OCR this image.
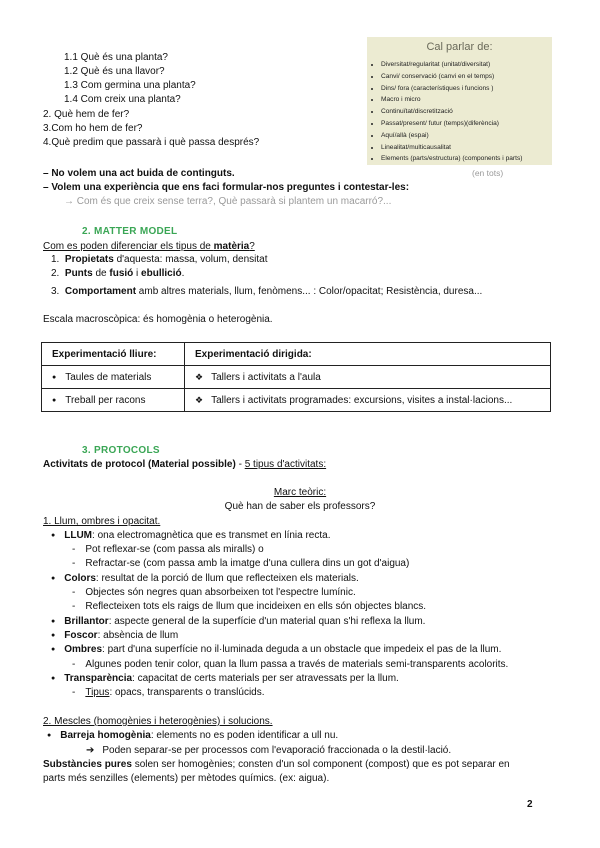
1.1 Què és una planta?
1.2 Què és una llavor?
1.3 Com germina una planta?
1.4 Com creix una planta?
2. Què hem de fer?
3.Com ho hem de fer?
4.Què predim que passarà i què passa després?
Cal parlar de:
• Diversitat/regularitat (unitat/diversitat)
• Canvi/ conservació (canvi en el temps)
• Dins/ fora (característiques i funcions )
• Macro i micro
• Continuïtat/discretització
• Passat/present/ futur (temps)(diferència)
• Aquí/allà (espai)
• Linealitat/multicausalitat
• Elements (parts/estructura) (components i parts)
(en tots)
– No volem una act buida de continguts.
– Volem una experiència que ens faci formular-nos preguntes i contestar-les:
→ Com és que creix sense terra?, Què passarà si plantem un macarró?...
2. MATTER MODEL
Com es poden diferenciar els tipus de matèria?
1. Propietats d'aquesta: massa, volum, densitat
2. Punts de fusió i ebullició.
3. Comportament amb altres materials, llum, fenòmens... : Color/opacitat; Resistència, duresa...
Escala macroscòpica: és homogènia o heterogènia.
Experimentació lliure:	Experimentació dirigida:
● Taules de materials	❖Tallers i activitats a l'aula
● Treball per racons	❖Tallers i activitats programades: excursions, visites a instal·lacions...
3. PROTOCOLS
Activitats de protocol (Material possible) - 5 tipus d'activitats:
Marc teòric:
Què han de saber els professors?
1. Llum, ombres i opacitat.
● LLUM: ona electromagnètica que es transmet en línia recta.
- Pot reflexar-se (com passa als miralls) o
- Refractar-se (com passa amb la imatge d'una cullera dins un got d'aigua)
● Colors: resultat de la porció de llum que reflecteixen els materials.
- Objectes són negres quan absorbeixen tot l'espectre lumínic.
- Reflecteixen tots els raigs de llum que incideixen en ells són objectes blancs.
● Brillantor: aspecte general de la superfície d'un material quan s'hi reflexa la llum.
● Foscor: absència de llum
● Ombres: part d'una superfície no il·luminada deguda a un obstacle que impedeix el pas de la llum.
- Algunes poden tenir color, quan la llum passa a través de materials semi-transparents acolorits.
● Transparència: capacitat de certs materials per ser atravessats per la llum.
- Tipus: opacs, transparents o translúcids.
2. Mescles (homogènies i heterogènies) i solucions.
● Barreja homogènia: elements no es poden identificar a ull nu.
➔ Poden separar-se per processos com l'evaporació fraccionada o la destil·lació.
Substàncies pures solen ser homogènies; consten d'un sol component (compost) que es pot separar en
parts més senzilles (elements) per mètodes químics. (ex: aigua).
2
